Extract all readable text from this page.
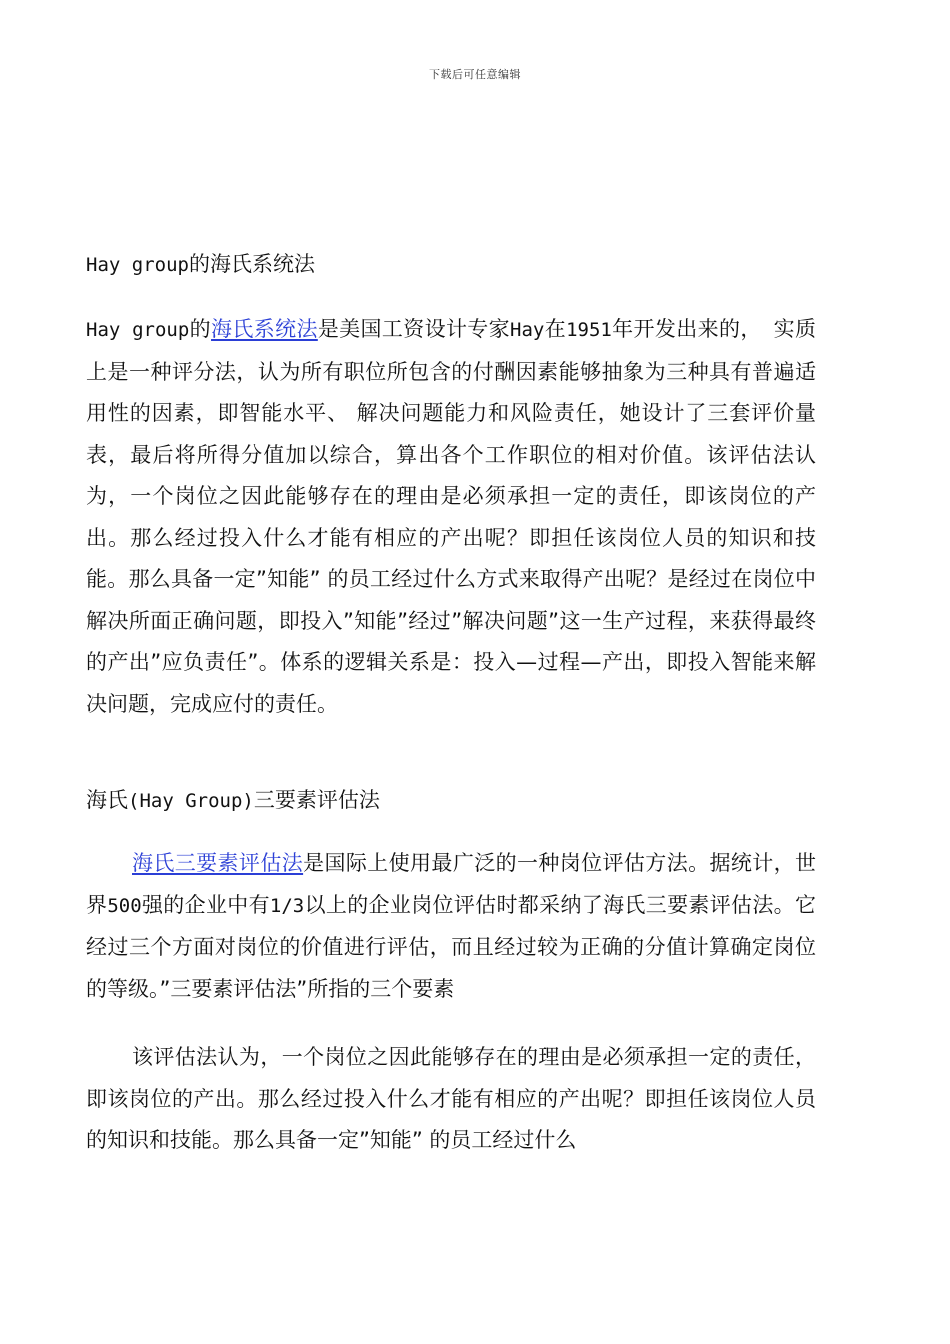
下载后可任意编辑
Hay group的海氏系统法

Hay group的海氏系统法是美国工资设计专家Hay在1951年开发出来的， 实质上是一种评分法，认为所有职位所包含的付酬因素能够抽象为三种具有普遍适用性的因素，即智能水平、 解决问题能力和风险责任，她设计了三套评价量表，最后将所得分值加以综合，算出各个工作职位的相对价值。该评估法认为，一个岗位之因此能够存在的理由是必须承担一定的责任，即该岗位的产出。那么经过投入什么才能有相应的产出呢？即担任该岗位人员的知识和技能。那么具备一定”知能” 的员工经过什么方式来取得产出呢？是经过在岗位中解决所面正确问题，即投入”知能”经过”解决问题”这一生产过程，来获得最终的产出”应负责任”。体系的逻辑关系是：投入—过程—产出，即投入智能来解决问题，完成应付的责任。

海氏(Hay Group)三要素评估法

海氏三要素评估法是国际上使用最广泛的一种岗位评估方法。据统计，世界500强的企业中有1/3以上的企业岗位评估时都采纳了海氏三要素评估法。它经过三个方面对岗位的价值进行评估，而且经过较为正确的分值计算确定岗位的等级。”三要素评估法”所指的三个要素

该评估法认为，一个岗位之因此能够存在的理由是必须承担一定的责任，即该岗位的产出。那么经过投入什么才能有相应的产出呢？即担任该岗位人员的知识和技能。那么具备一定”知能” 的员工经过什么
